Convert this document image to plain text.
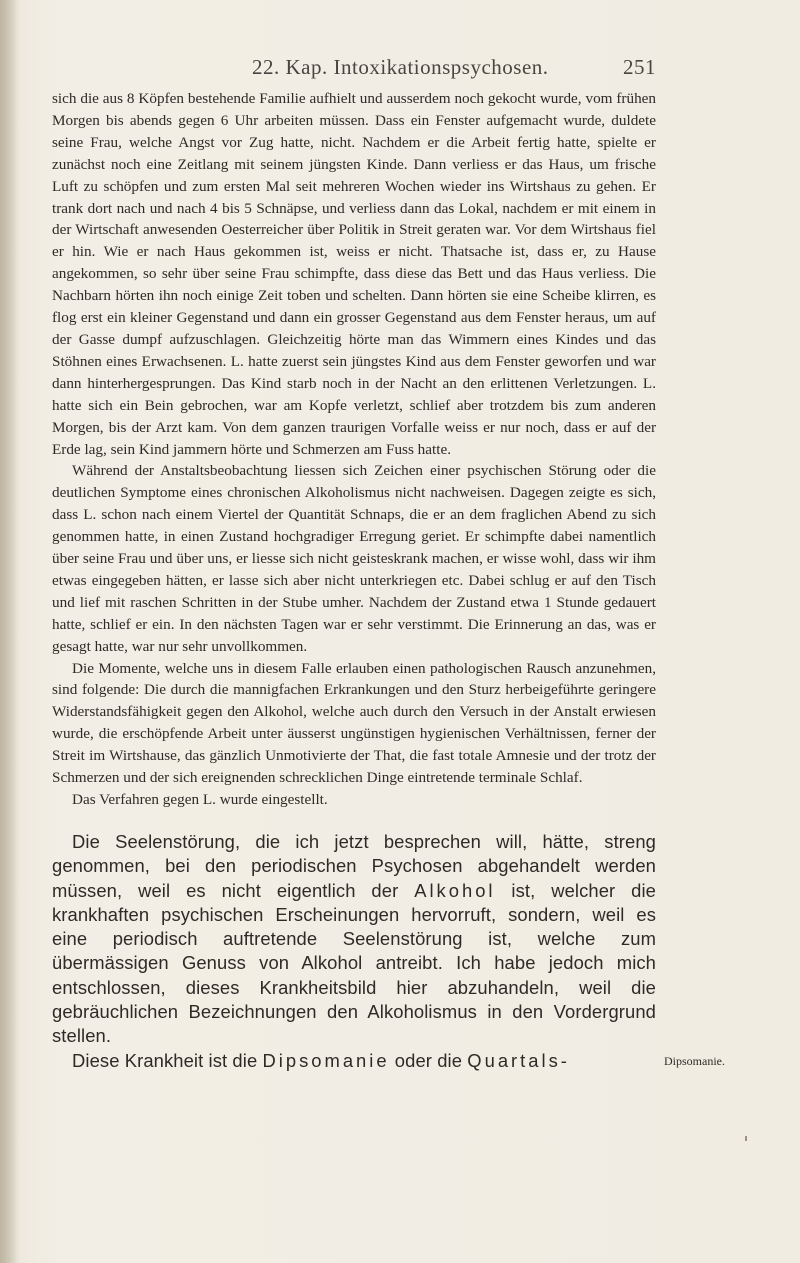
22. Kap. Intoxikationspsychosen.	251

sich die aus 8 Köpfen bestehende Familie aufhielt und ausserdem noch gekocht wurde, vom frühen Morgen bis abends gegen 6 Uhr arbeiten müssen. Dass ein Fenster aufgemacht wurde, duldete seine Frau, welche Angst vor Zug hatte, nicht. Nachdem er die Arbeit fertig hatte, spielte er zunächst noch eine Zeitlang mit seinem jüngsten Kinde. Dann verliess er das Haus, um frische Luft zu schöpfen und zum ersten Mal seit mehreren Wochen wieder ins Wirtshaus zu gehen. Er trank dort nach und nach 4 bis 5 Schnäpse, und verliess dann das Lokal, nachdem er mit einem in der Wirtschaft anwesenden Oesterreicher über Politik in Streit geraten war. Vor dem Wirtshaus fiel er hin. Wie er nach Haus gekommen ist, weiss er nicht. Thatsache ist, dass er, zu Hause angekommen, so sehr über seine Frau schimpfte, dass diese das Bett und das Haus verliess. Die Nachbarn hörten ihn noch einige Zeit toben und schelten. Dann hörten sie eine Scheibe klirren, es flog erst ein kleiner Gegenstand und dann ein grosser Gegenstand aus dem Fenster heraus, um auf der Gasse dumpf aufzuschlagen. Gleichzeitig hörte man das Wimmern eines Kindes und das Stöhnen eines Erwachsenen. L. hatte zuerst sein jüngstes Kind aus dem Fenster geworfen und war dann hinterhergesprungen. Das Kind starb noch in der Nacht an den erlittenen Verletzungen. L. hatte sich ein Bein gebrochen, war am Kopfe verletzt, schlief aber trotzdem bis zum anderen Morgen, bis der Arzt kam. Von dem ganzen traurigen Vorfalle weiss er nur noch, dass er auf der Erde lag, sein Kind jammern hörte und Schmerzen am Fuss hatte.

Während der Anstaltsbeobachtung liessen sich Zeichen einer psychischen Störung oder die deutlichen Symptome eines chronischen Alkoholismus nicht nachweisen. Dagegen zeigte es sich, dass L. schon nach einem Viertel der Quantität Schnaps, die er an dem fraglichen Abend zu sich genommen hatte, in einen Zustand hochgradiger Erregung geriet. Er schimpfte dabei namentlich über seine Frau und über uns, er liesse sich nicht geisteskrank machen, er wisse wohl, dass wir ihm etwas eingegeben hätten, er lasse sich aber nicht unterkriegen etc. Dabei schlug er auf den Tisch und lief mit raschen Schritten in der Stube umher. Nachdem der Zustand etwa 1 Stunde gedauert hatte, schlief er ein. In den nächsten Tagen war er sehr verstimmt. Die Erinnerung an das, was er gesagt hatte, war nur sehr unvollkommen.

Die Momente, welche uns in diesem Falle erlauben einen pathologischen Rausch anzunehmen, sind folgende: Die durch die mannigfachen Erkrankungen und den Sturz herbeigeführte geringere Widerstandsfähigkeit gegen den Alkohol, welche auch durch den Versuch in der Anstalt erwiesen wurde, die erschöpfende Arbeit unter äusserst ungünstigen hygienischen Verhältnissen, ferner der Streit im Wirtshause, das gänzlich Unmotivierte der That, die fast totale Amnesie und der trotz der Schmerzen und der sich ereignenden schrecklichen Dinge eintretende terminale Schlaf.

Das Verfahren gegen L. wurde eingestellt.

Die Seelenstörung, die ich jetzt besprechen will, hätte, streng genommen, bei den periodischen Psychosen abgehandelt werden müssen, weil es nicht eigentlich der Alkohol ist, welcher die krankhaften psychischen Erscheinungen hervorruft, sondern, weil es eine periodisch auftretende Seelenstörung ist, welche zum übermässigen Genuss von Alkohol antreibt. Ich habe jedoch mich entschlossen, dieses Krankheitsbild hier abzuhandeln, weil die gebräuchlichen Bezeichnungen den Alkoholismus in den Vordergrund stellen.

Diese Krankheit ist die Dipsomanie oder die Quartals-	Dipsomanie.
